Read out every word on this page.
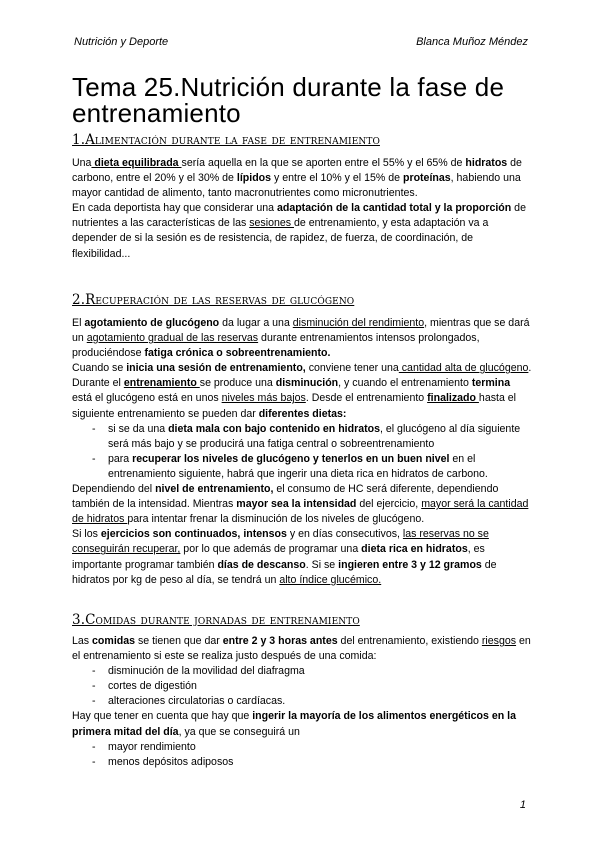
Nutrición y Deporte	Blanca Muñoz Méndez
Tema 25.Nutrición durante la fase de entrenamiento
1.Alimentación durante la fase de entrenamiento

Una dieta equilibrada sería aquella en la que se aporten entre el 55% y el 65% de hidratos de carbono, entre el 20% y el 30% de lípidos y entre el 10% y el 15% de proteínas, habiendo una mayor cantidad de alimento, tanto macronutrientes como micronutrientes.

En cada deportista hay que considerar una adaptación de la cantidad total y la proporción de nutrientes a las características de las sesiones de entrenamiento, y esta adaptación va a depender de si la sesión es de resistencia, de rapidez, de fuerza, de coordinación, de flexibilidad...

2.Recuperación de las reservas de glucógeno

El agotamiento de glucógeno da lugar a una disminución del rendimiento, mientras que se dará un agotamiento gradual de las reservas durante entrenamientos intensos prolongados, produciéndose fatiga crónica o sobreentrenamiento.

Cuando se inicia una sesión de entrenamiento, conviene tener una cantidad alta de glucógeno. Durante el entrenamiento se produce una disminución, y cuando el entrenamiento termina está el glucógeno está en unos niveles más bajos. Desde el entrenamiento finalizado hasta el siguiente entrenamiento se pueden dar diferentes dietas:

- si se da una dieta mala con bajo contenido en hidratos, el glucógeno al día siguiente será más bajo y se producirá una fatiga central o sobreentrenamiento

- para recuperar los niveles de glucógeno y tenerlos en un buen nivel en el entrenamiento siguiente, habrá que ingerir una dieta rica en hidratos de carbono.

Dependiendo del nivel de entrenamiento, el consumo de HC será diferente, dependiendo también de la intensidad. Mientras mayor sea la intensidad del ejercicio, mayor será la cantidad de hidratos para intentar frenar la disminución de los niveles de glucógeno.

Si los ejercicios son continuados, intensos y en días consecutivos, las reservas no se conseguirán recuperar, por lo que además de programar una dieta rica en hidratos, es importante programar también días de descanso. Si se ingieren entre 3 y 12 gramos de hidratos por kg de peso al día, se tendrá un alto índice glucémico.

3.Comidas durante jornadas de entrenamiento

Las comidas se tienen que dar entre 2 y 3 horas antes del entrenamiento, existiendo riesgos en el entrenamiento si este se realiza justo después de una comida:

- disminución de la movilidad del diafragma

- cortes de digestión

- alteraciones circulatorias o cardíacas.

Hay que tener en cuenta que hay que ingerir la mayoría de los alimentos energéticos en la primera mitad del día, ya que se conseguirá un

- mayor rendimiento

- menos depósitos adiposos

1
